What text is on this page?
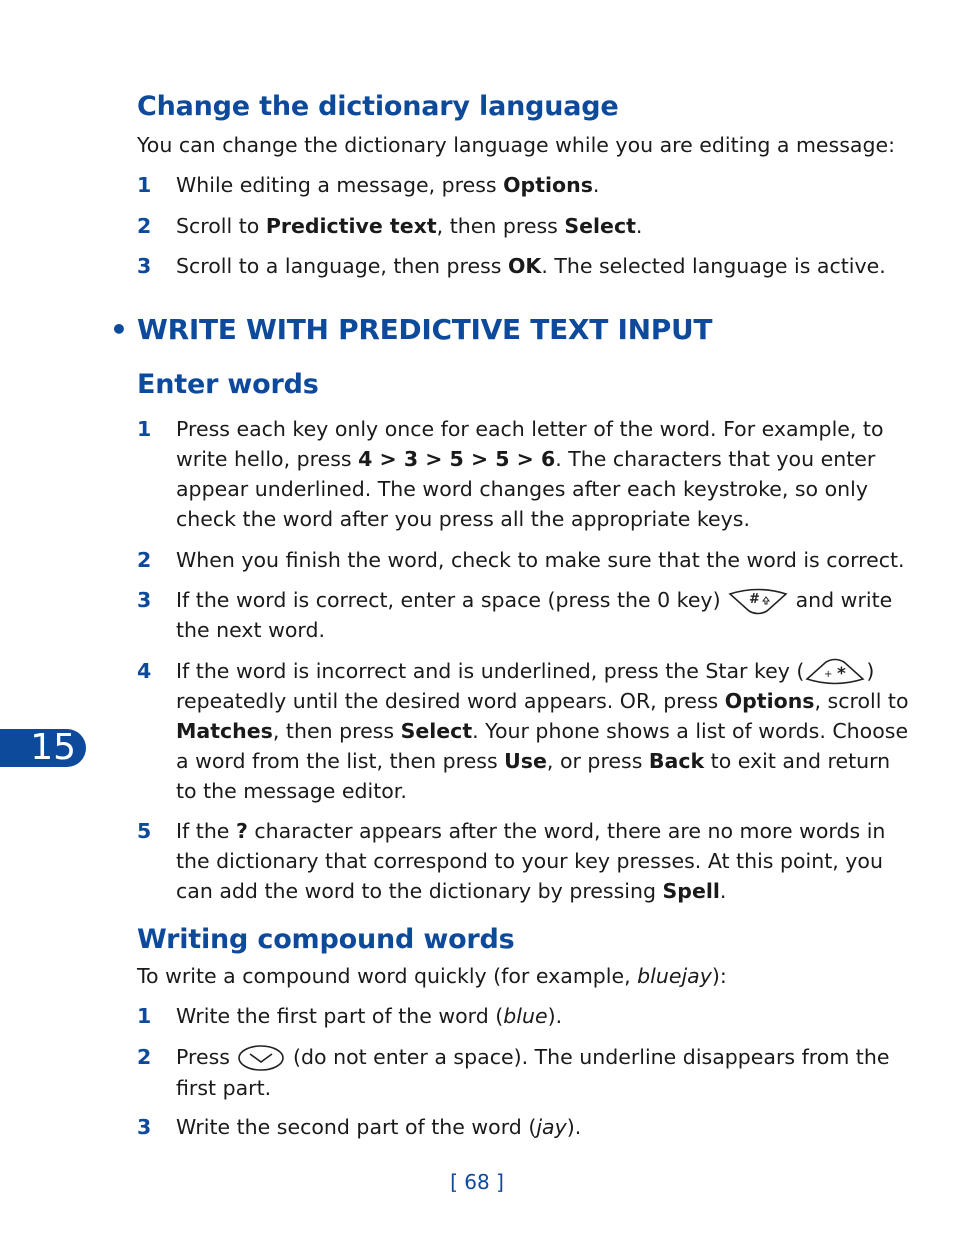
Change the dictionary language

You can change the dictionary language while you are editing a message:

1	While editing a message, press Options.
2	Scroll to Predictive text, then press Select.
3	Scroll to a language, then press OK. The selected language is active.
• WRITE WITH PREDICTIVE TEXT INPUT
Enter words
1	Press each key only once for each letter of the word. For example, to
write hello, press 4 > 3 > 5 > 5 > 6. The characters that you enter
appear underlined. The word changes after each keystroke, so only
check the word after you press all the appropriate keys.
2	When you finish the word, check to make sure that the word is correct.
3	If the word is correct, enter a space (press the 0 key) # and write
the next word.
4	If the word is incorrect and is underlined, press the Star key ( + * )
repeatedly until the desired word appears. OR, press Options, scroll to
Matches, then press Select. Your phone shows a list of words. Choose
a word from the list, then press Use, or press Back to exit and return
to the message editor.
5	If the ? character appears after the word, there are no more words in
the dictionary that correspond to your key presses. At this point, you
can add the word to the dictionary by pressing Spell.
Writing compound words

To write a compound word quickly (for example, bluejay):

1	Write the first part of the word (blue).
2	Press  (do not enter a space). The underline disappears from the
first part.
3	Write the second part of the word (jay).
15
[ 68 ]
